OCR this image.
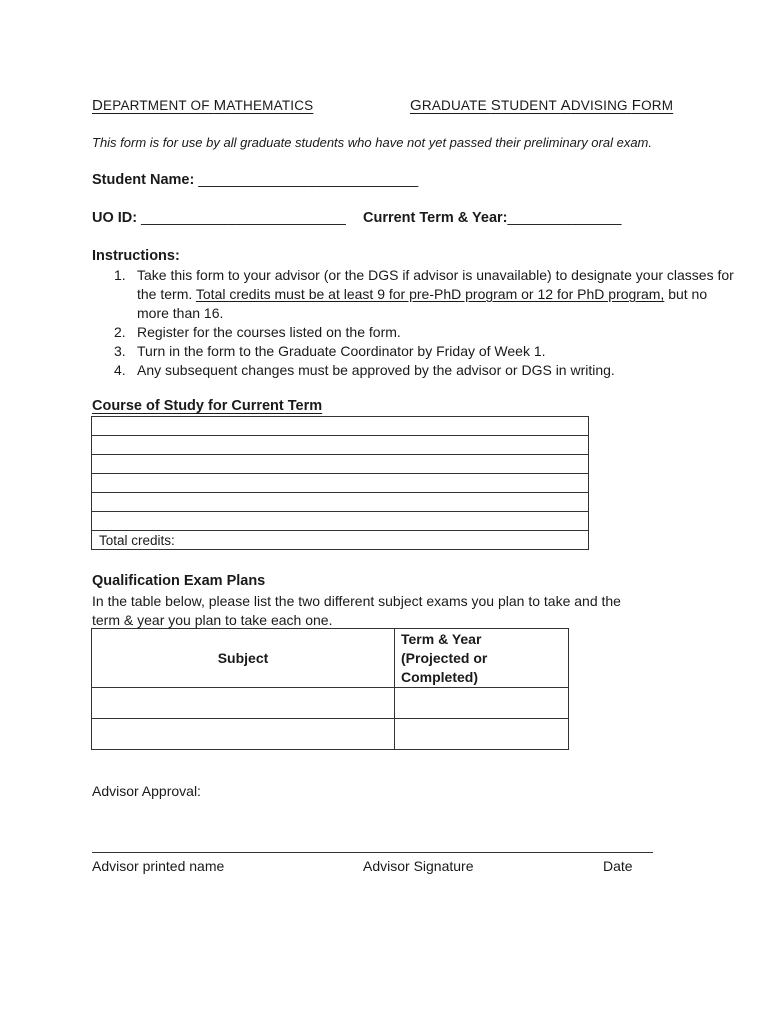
DEPARTMENT OF MATHEMATICS	GRADUATE STUDENT ADVISING FORM
This form is for use by all graduate students who have not yet passed their preliminary oral exam.
Student Name: _____________________________
UO ID: ___________________________ Current Term & Year:_______________
Instructions:
1. Take this form to your advisor (or the DGS if advisor is unavailable) to designate your classes for the term. Total credits must be at least 9 for pre-PhD program or 12 for PhD program, but no more than 16.
2. Register for the courses listed on the form.
3. Turn in the form to the Graduate Coordinator by Friday of Week 1.
4. Any subsequent changes must be approved by the advisor or DGS in writing.
Course of Study for Current Term

Total credits:
Qualification Exam Plans
In the table below, please list the two different subject exams you plan to take and the term & year you plan to take each one.
Subject	Term & Year
(Projected or
Completed)

Advisor Approval:
Advisor printed name	Advisor Signature	Date
